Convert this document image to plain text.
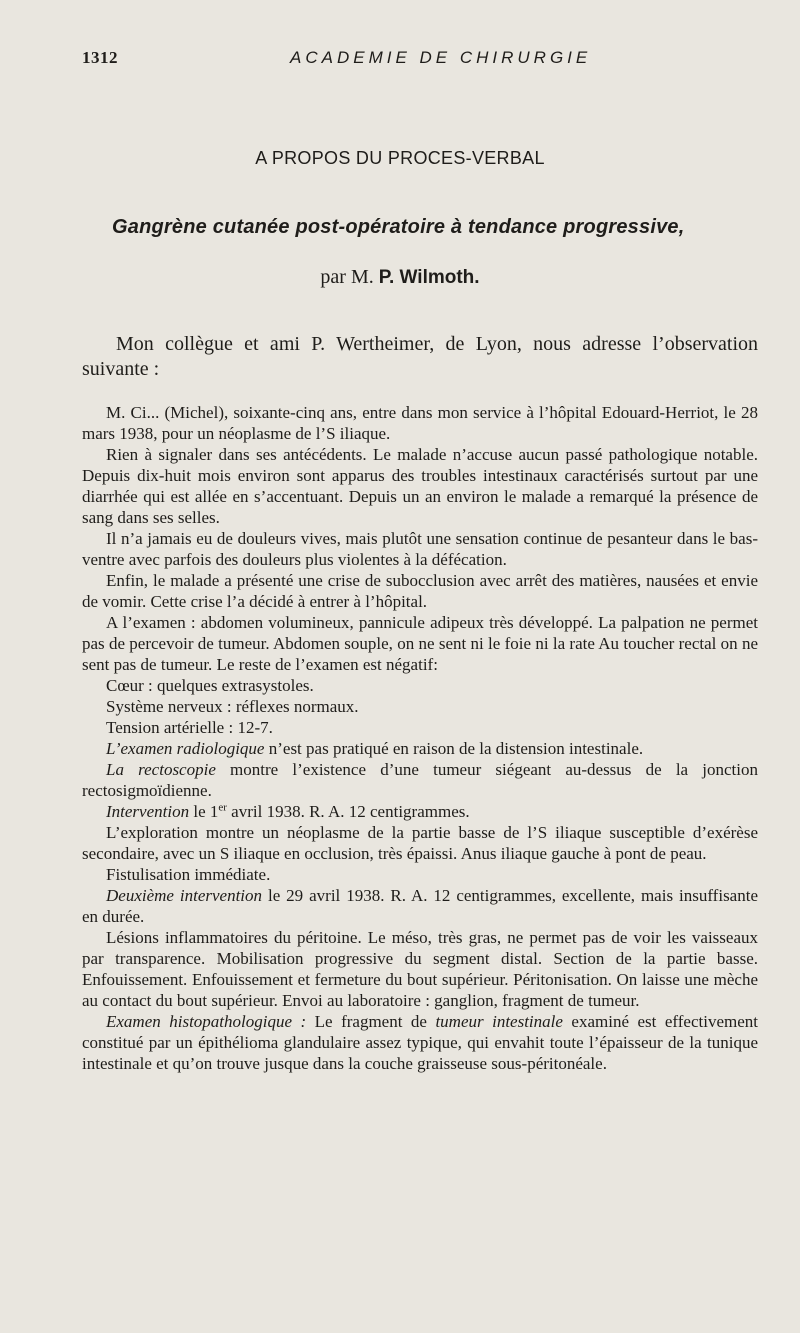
1312	ACADEMIE DE CHIRURGIE
A PROPOS DU PROCES-VERBAL
Gangrène cutanée post-opératoire à tendance progressive,
par M. P. Wilmoth.

Mon collègue et ami P. Wertheimer, de Lyon, nous adresse l’observation suivante :

M. Ci... (Michel), soixante-cinq ans, entre dans mon service à l’hôpital Edouard-Herriot, le 28 mars 1938, pour un néoplasme de l’S iliaque.

Rien à signaler dans ses antécédents. Le malade n’accuse aucun passé pathologique notable. Depuis dix-huit mois environ sont apparus des troubles intestinaux caractérisés surtout par une diarrhée qui est allée en s’accentuant. Depuis un an environ le malade a remarqué la présence de sang dans ses selles.

Il n’a jamais eu de douleurs vives, mais plutôt une sensation continue de pesanteur dans le bas-ventre avec parfois des douleurs plus violentes à la défécation.

Enfin, le malade a présenté une crise de subocclusion avec arrêt des matières, nausées et envie de vomir. Cette crise l’a décidé à entrer à l’hôpital.

A l’examen : abdomen volumineux, pannicule adipeux très développé. La palpation ne permet pas de percevoir de tumeur. Abdomen souple, on ne sent ni le foie ni la rate Au toucher rectal on ne sent pas de tumeur. Le reste de l’examen est négatif:

Cœur : quelques extrasystoles.

Système nerveux : réflexes normaux.

Tension artérielle : 12-7.

L’examen radiologique n’est pas pratiqué en raison de la distension intestinale.

La rectoscopie montre l’existence d’une tumeur siégeant au-dessus de la jonction rectosigmoïdienne.

Intervention le 1er avril 1938. R. A. 12 centigrammes.

L’exploration montre un néoplasme de la partie basse de l’S iliaque susceptible d’exérèse secondaire, avec un S iliaque en occlusion, très épaissi. Anus iliaque gauche à pont de peau.

Fistulisation immédiate.

Deuxième intervention le 29 avril 1938. R. A. 12 centigrammes, excellente, mais insuffisante en durée.

Lésions inflammatoires du péritoine. Le méso, très gras, ne permet pas de voir les vaisseaux par transparence. Mobilisation progressive du segment distal. Section de la partie basse. Enfouissement. Enfouissement et fermeture du bout supérieur. Péritonisation. On laisse une mèche au contact du bout supérieur. Envoi au laboratoire : ganglion, fragment de tumeur.

Examen histopathologique : Le fragment de tumeur intestinale examiné est effectivement constitué par un épithélioma glandulaire assez typique, qui envahit toute l’épaisseur de la tunique intestinale et qu’on trouve jusque dans la couche graisseuse sous-péritonéale.
